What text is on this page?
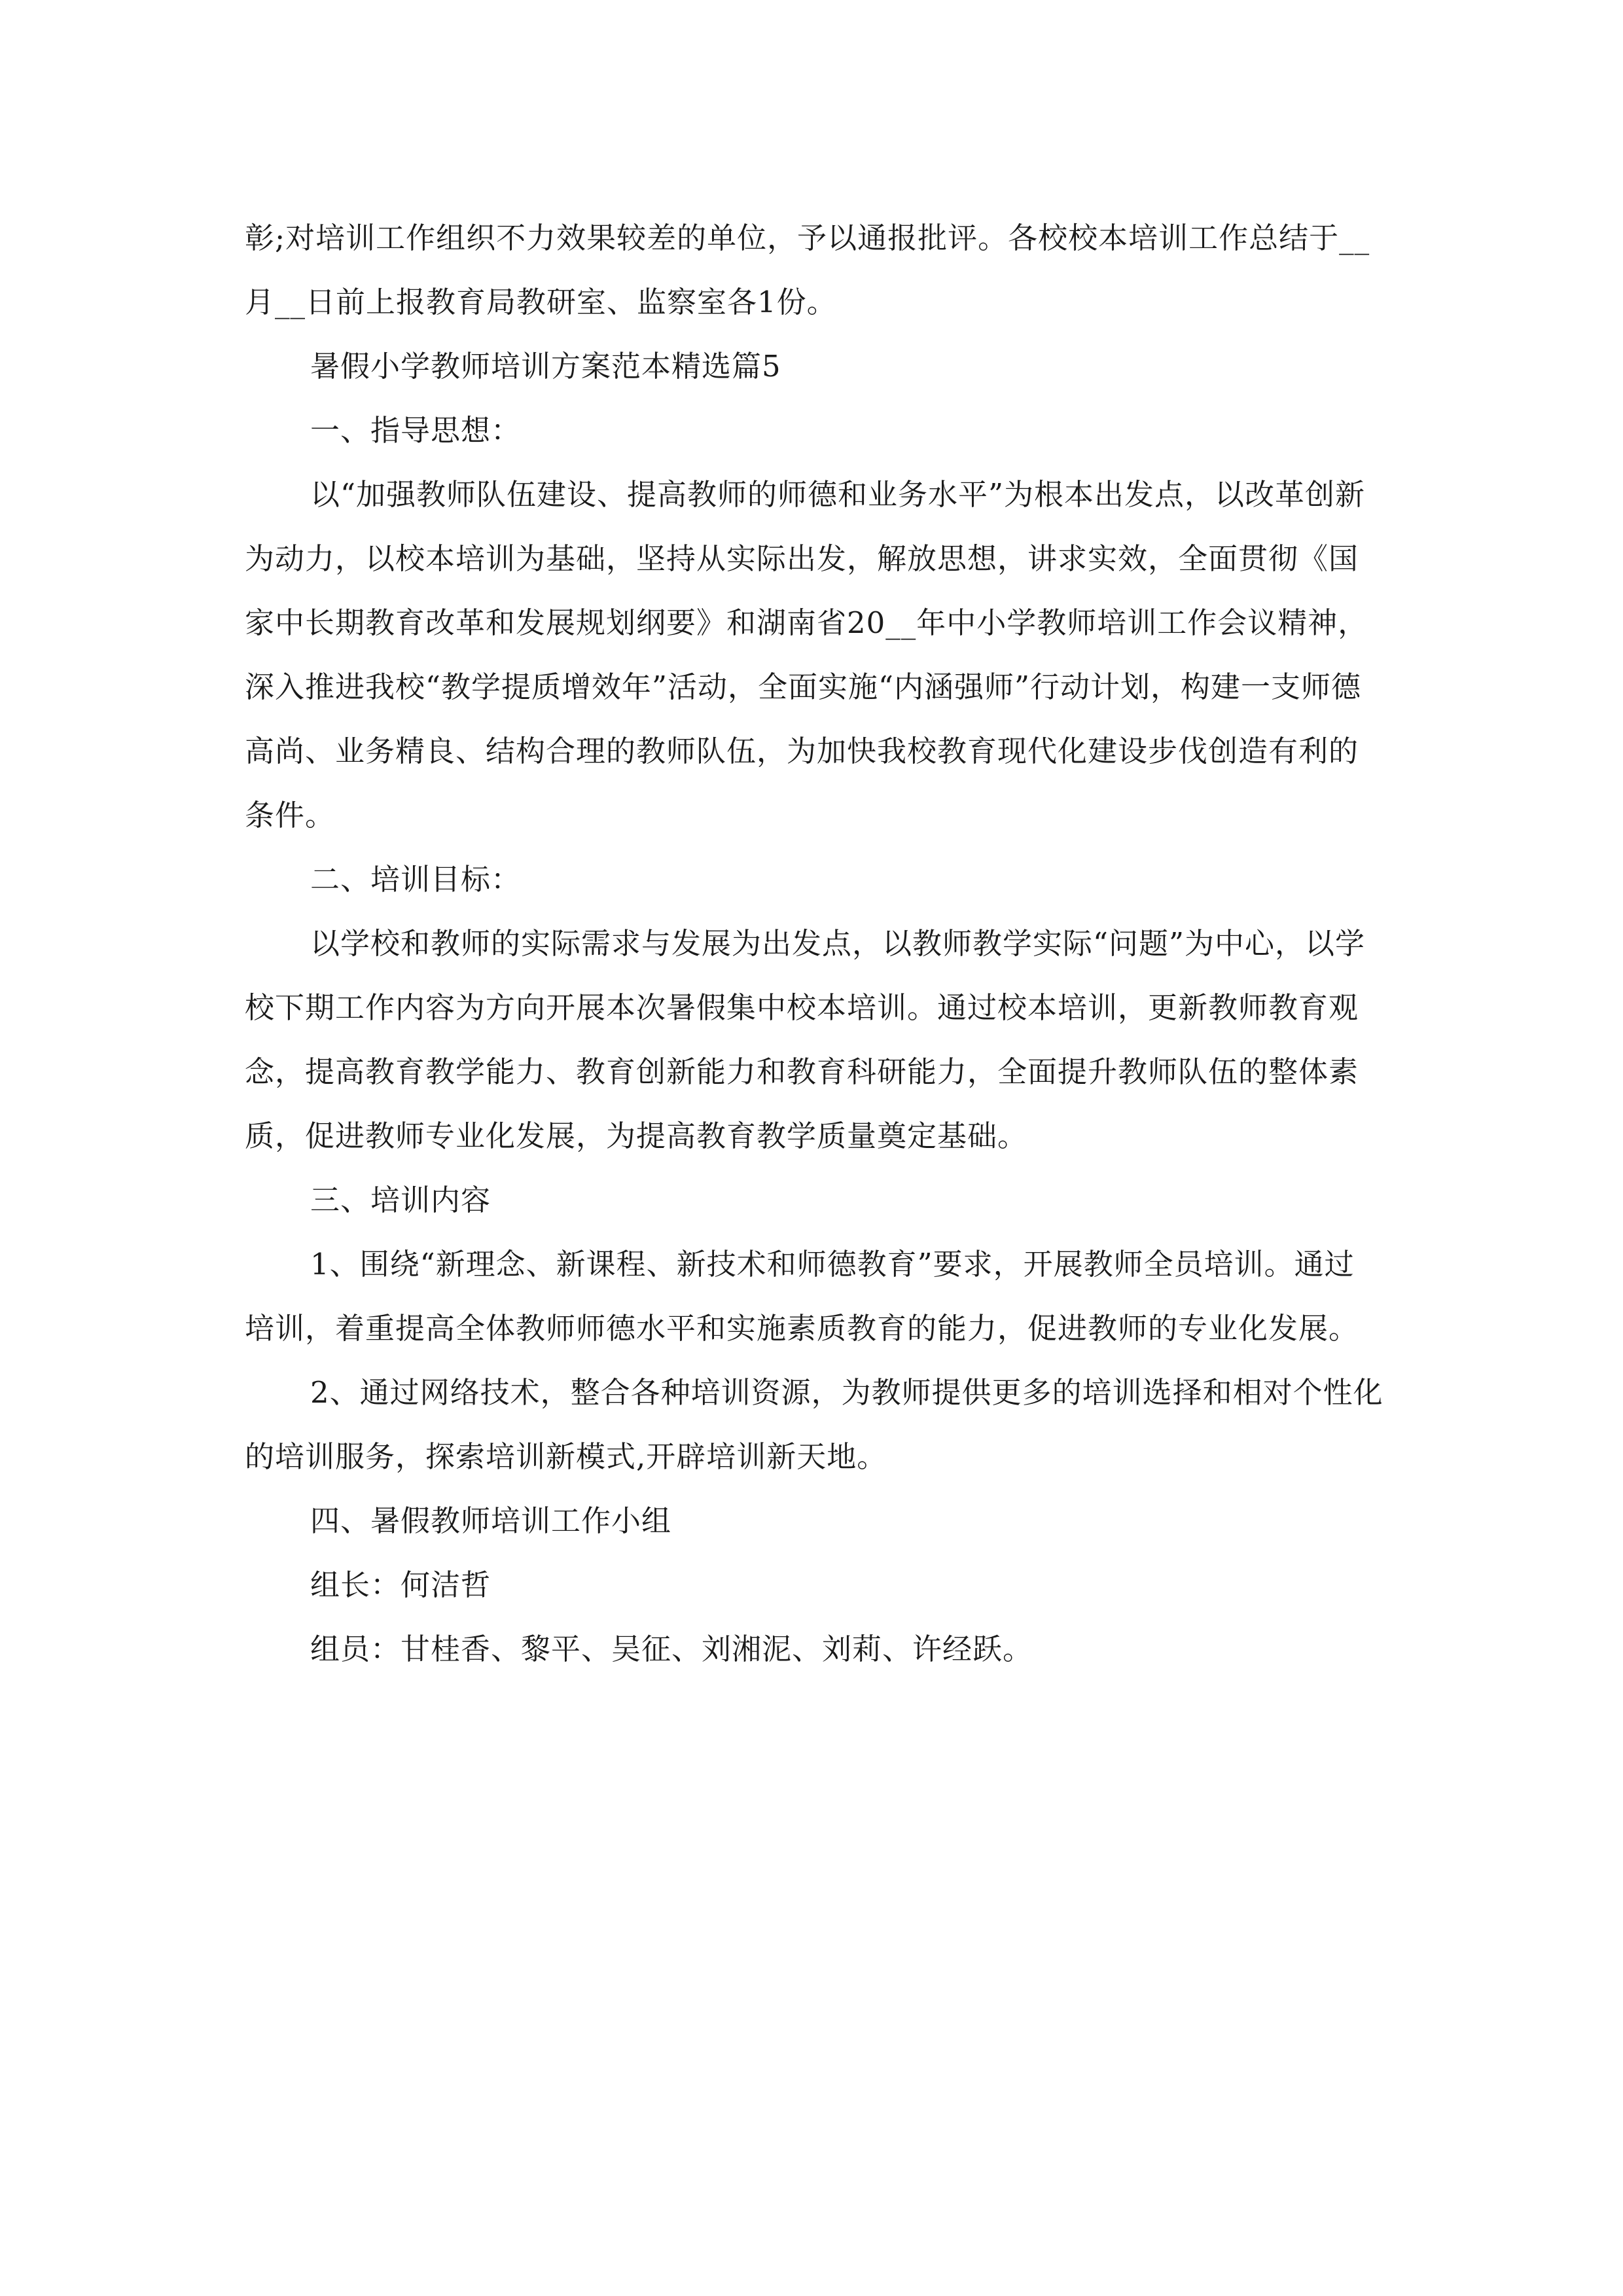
彰;对培训工作组织不力效果较差的单位，予以通报批评。各校校本培训工作总结于__月__日前上报教育局教研室、监察室各1份。

暑假小学教师培训方案范本精选篇5

一、指导思想：

以“加强教师队伍建设、提高教师的师德和业务水平”为根本出发点，以改革创新为动力，以校本培训为基础，坚持从实际出发，解放思想，讲求实效，全面贯彻《国家中长期教育改革和发展规划纲要》和湖南省20__年中小学教师培训工作会议精神，深入推进我校“教学提质增效年”活动，全面实施“内涵强师”行动计划，构建一支师德高尚、业务精良、结构合理的教师队伍，为加快我校教育现代化建设步伐创造有利的条件。

二、培训目标：

以学校和教师的实际需求与发展为出发点，以教师教学实际“问题”为中心，以学校下期工作内容为方向开展本次暑假集中校本培训。通过校本培训，更新教师教育观念，提高教育教学能力、教育创新能力和教育科研能力，全面提升教师队伍的整体素质，促进教师专业化发展，为提高教育教学质量奠定基础。

三、培训内容

1、围绕“新理念、新课程、新技术和师德教育”要求，开展教师全员培训。通过培训，着重提高全体教师师德水平和实施素质教育的能力，促进教师的专业化发展。

2、通过网络技术，整合各种培训资源，为教师提供更多的培训选择和相对个性化的培训服务，探索培训新模式,开辟培训新天地。

四、暑假教师培训工作小组

组长：何洁哲

组员：甘桂香、黎平、吴征、刘湘泥、刘莉、许经跃。
